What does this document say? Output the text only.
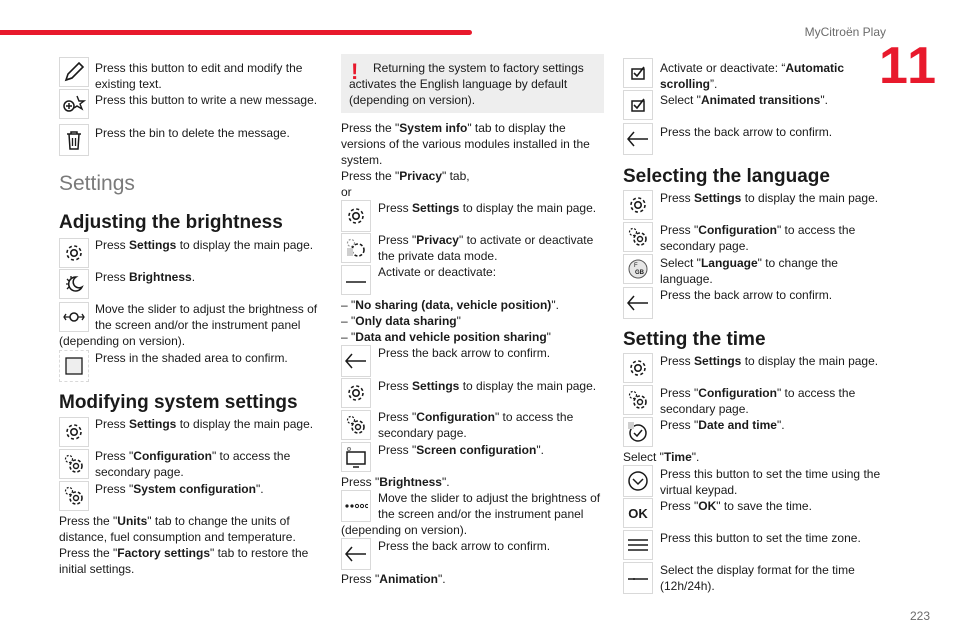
MyCitroën Play
11
223
Press this button to edit and modify the existing text.
Press this button to write a new message.
Press the bin to delete the message.
Settings
Adjusting the brightness
Press Settings to display the main page.
Press Brightness.
Move the slider to adjust the brightness of the screen and/or the instrument panel
(depending on version).
Press in the shaded area to confirm.
Modifying system settings
Press Settings to display the main page.
Press "Configuration" to access the secondary page.
Press "System configuration".
Press the "Units" tab to change the units of distance, fuel consumption and temperature.
Press the "Factory settings" tab to restore the initial settings.
!	Returning the system to factory settings activates the English language by default (depending on version).
Press the "System info" tab to display the versions of the various modules installed in the system.
Press the "Privacy" tab,
or
Press Settings to display the main page.
Press "Privacy" to activate or deactivate the private data mode.
Activate or deactivate:
– "No sharing (data, vehicle position)".
– "Only data sharing"
– "Data and vehicle position sharing"
Press the back arrow to confirm.
Press Settings to display the main page.
Press "Configuration" to access the secondary page.
Press "Screen configuration".
Press "Brightness".
Move the slider to adjust the brightness of the screen and/or the instrument panel
(depending on version).
Press the back arrow to confirm.
Press "Animation".
Activate or deactivate: “Automatic scrolling”.
Select "Animated transitions".
Press the back arrow to confirm.
Selecting the language
Press Settings to display the main page.
Press "Configuration" to access the secondary page.
F
GB
Select "Language" to change the language.
Press the back arrow to confirm.
Setting the time
Press Settings to display the main page.
Press "Configuration" to access the secondary page.
Press "Date and time".
Select "Time".
Press this button to set the time using the virtual keypad.
OK Press "OK" to save the time.
Press this button to set the time zone.
Select the display format for the time (12h/24h).
